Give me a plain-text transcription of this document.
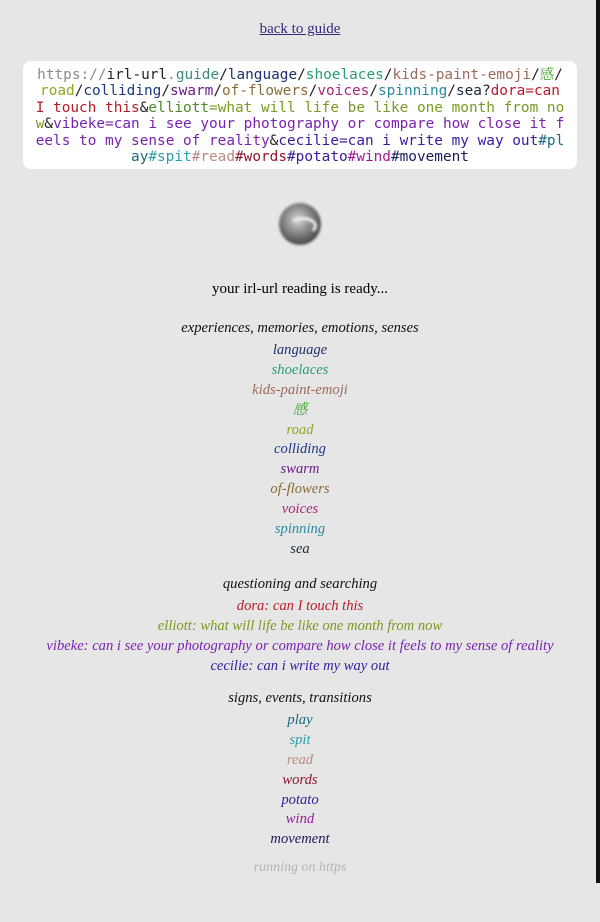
back to guide

https://irl-url.guide/language/shoelaces/kids-paint-emoji/感/road/colliding/swarm/of-flowers/voices/spinning/sea?dora=can I touch this&elliott=what will life be like one month from now&vibeke=can i see your photography or compare how close it feels to my sense of reality&cecilie=can i write my way out#play#spit#read#words#potato#wind#movement

your irl-url reading is ready...
experiences, memories, emotions, senses
language
shoelaces
kids-paint-emoji
感
road
colliding
swarm
of-flowers
voices
spinning
sea
questioning and searching
dora: can I touch this
elliott: what will life be like one month from now
vibeke: can i see your photography or compare how close it feels to my sense of reality
cecilie: can i write my way out
signs, events, transitions
play
spit
read
words
potato
wind
movement
running on https
